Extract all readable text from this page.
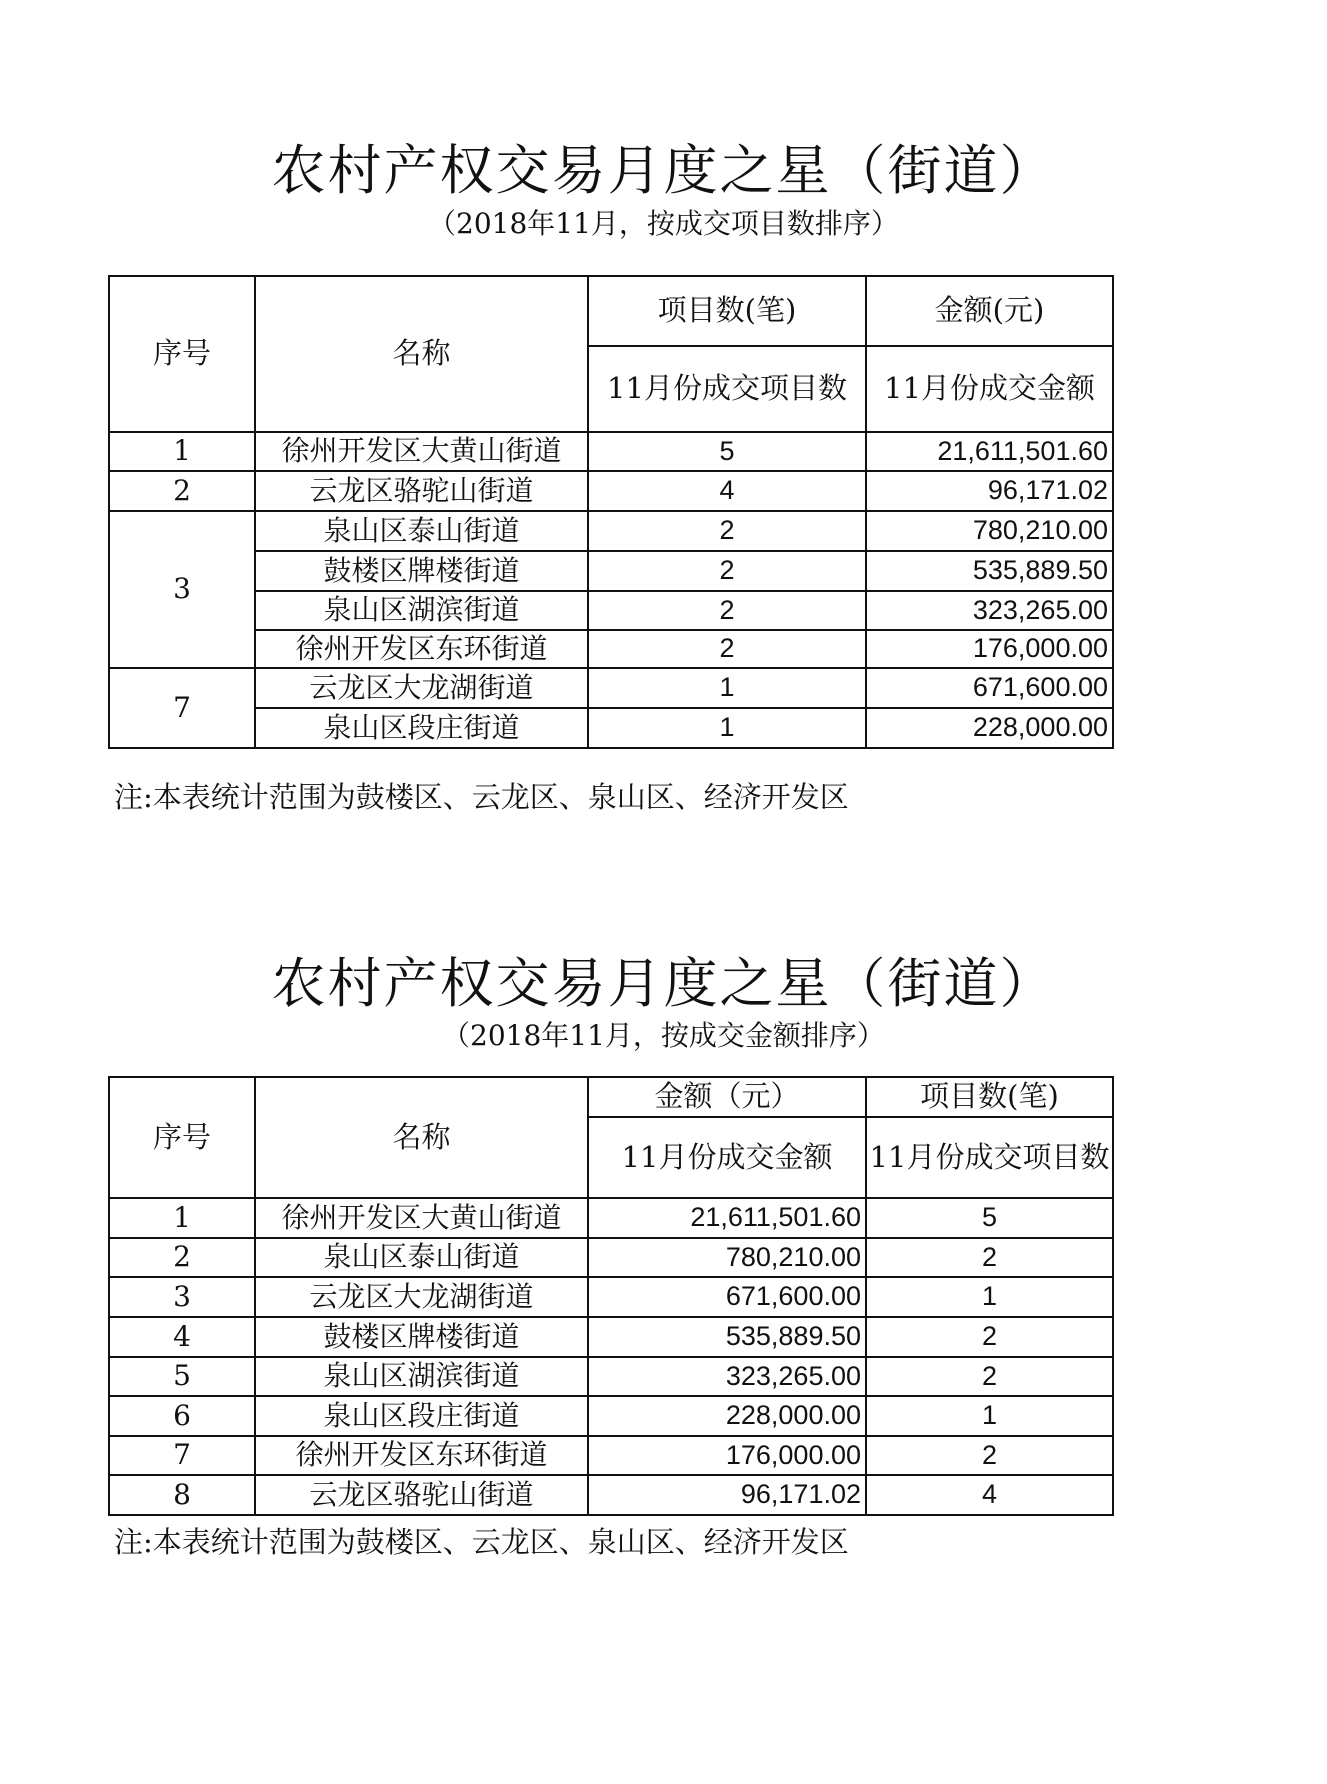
农村产权交易月度之星（街道）

（2018年11月，按成交项目数排序）

序号	名称	项目数(笔)	金额(元)
		11月份成交项目数	11月份成交金额
1	徐州开发区大黄山街道	5	21,611,501.60
2	云龙区骆驼山街道	4	96,171.02
3	泉山区泰山街道	2	780,210.00
	鼓楼区牌楼街道	2	535,889.50
	泉山区湖滨街道	2	323,265.00
	徐州开发区东环街道	2	176,000.00
7	云龙区大龙湖街道	1	671,600.00
	泉山区段庄街道	1	228,000.00

注:本表统计范围为鼓楼区、云龙区、泉山区、经济开发区

农村产权交易月度之星（街道）

（2018年11月，按成交金额排序）

序号	名称	金额（元）	项目数(笔)
		11月份成交金额	11月份成交项目数
1	徐州开发区大黄山街道	21,611,501.60	5
2	泉山区泰山街道	780,210.00	2
3	云龙区大龙湖街道	671,600.00	1
4	鼓楼区牌楼街道	535,889.50	2
5	泉山区湖滨街道	323,265.00	2
6	泉山区段庄街道	228,000.00	1
7	徐州开发区东环街道	176,000.00	2
8	云龙区骆驼山街道	96,171.02	4

注:本表统计范围为鼓楼区、云龙区、泉山区、经济开发区
